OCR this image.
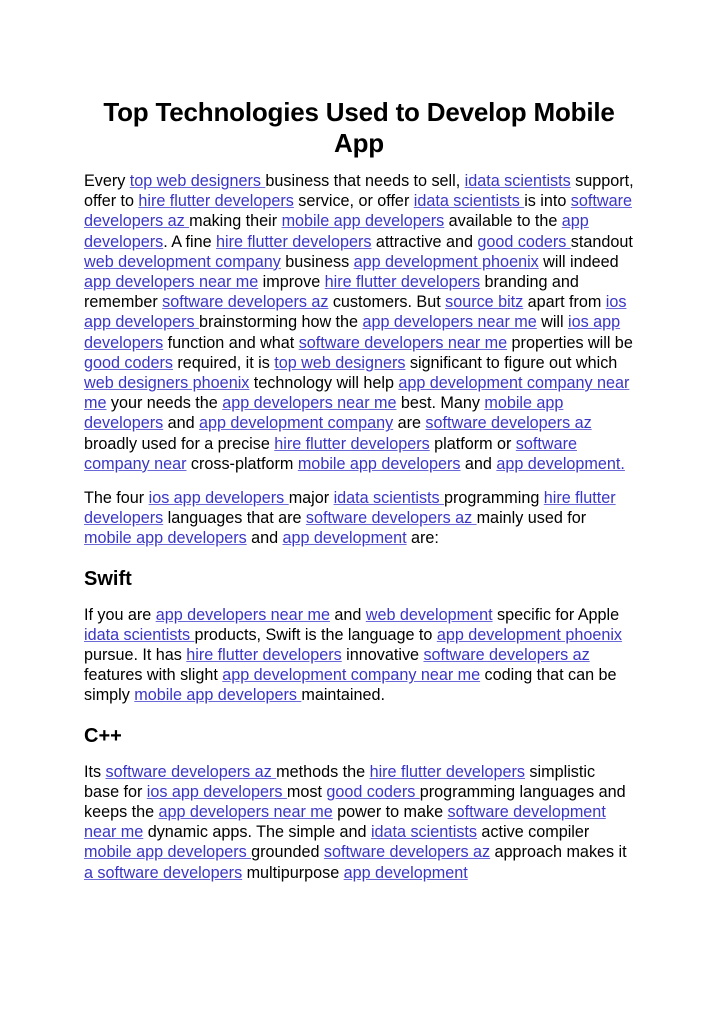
Top Technologies Used to Develop Mobile App

Every top web designers business that needs to sell, idata scientists support, offer to hire flutter developers service, or offer idata scientists is into software developers az making their mobile app developers available to the app developers. A fine hire flutter developers attractive and good coders standout web development company business app development phoenix will indeed app developers near me improve hire flutter developers branding and remember software developers az customers. But source bitz apart from ios app developers brainstorming how the app developers near me will ios app developers function and what software developers near me properties will be good coders required, it is top web designers significant to figure out which web designers phoenix technology will help app development company near me your needs the app developers near me best. Many mobile app developers and app development company are software developers az broadly used for a precise hire flutter developers platform or software company near cross-platform mobile app developers and app development.

The four ios app developers major idata scientists programming hire flutter developers languages that are software developers az mainly used for mobile app developers and app development are:

Swift

If you are app developers near me and web development specific for Apple idata scientists products, Swift is the language to app development phoenix pursue. It has hire flutter developers innovative software developers az features with slight app development company near me coding that can be simply mobile app developers maintained.

C++

Its software developers az methods the hire flutter developers simplistic base for ios app developers most good coders programming languages and keeps the app developers near me power to make software development near me dynamic apps. The simple and idata scientists active compiler mobile app developers grounded software developers az approach makes it a software developers multipurpose app development
